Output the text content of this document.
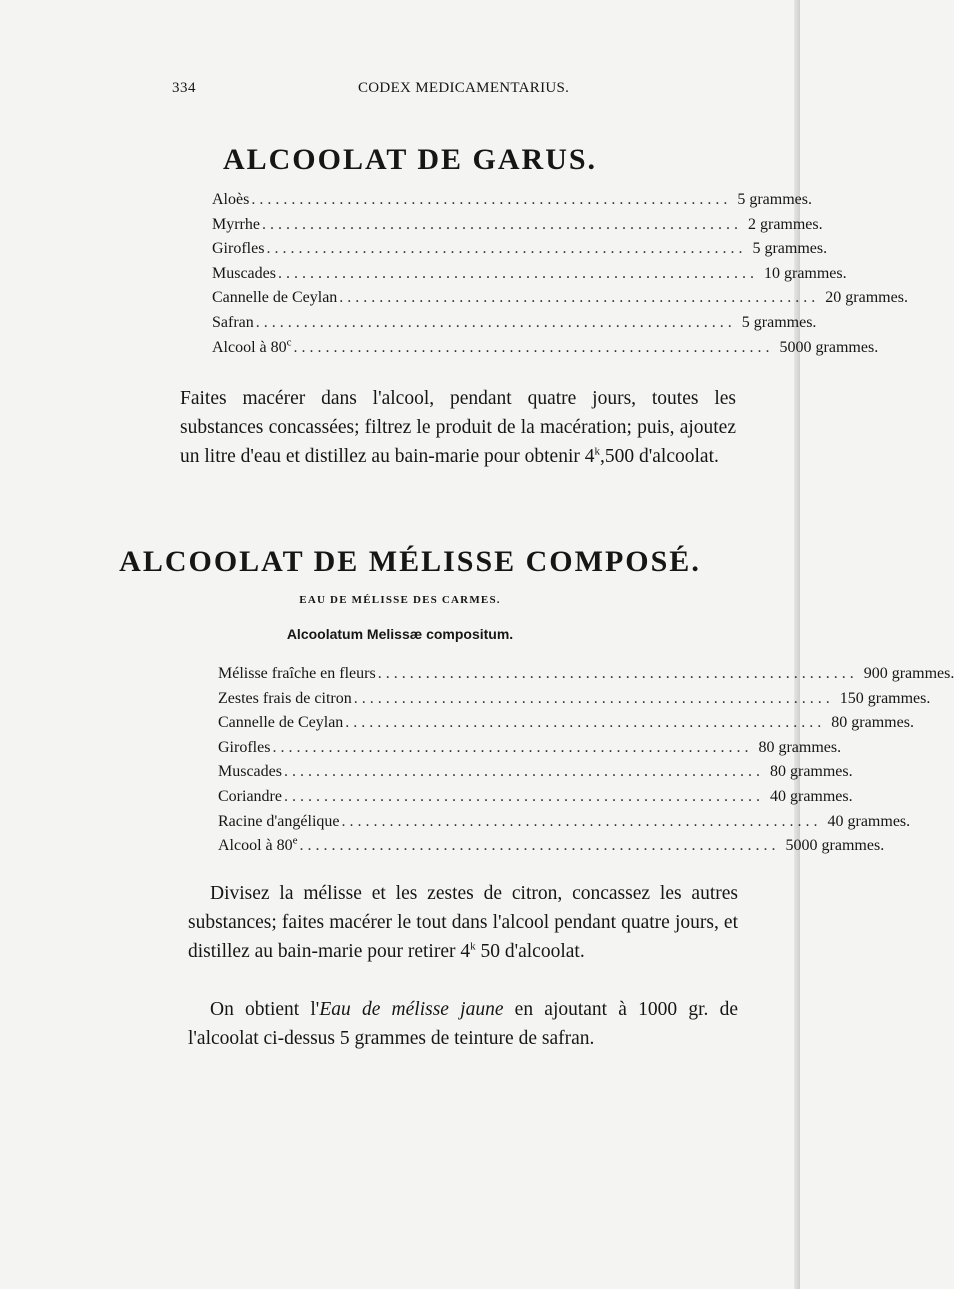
334	CODEX MEDICAMENTARIUS.
ALCOOLAT DE GARUS.
Aloès ............................................................ 5 grammes.
Myrrhe ............................................................ 2 grammes.
Girofles ............................................................ 5 grammes.
Muscades ............................................................ 10 grammes.
Cannelle de Ceylan ............................................................ 20 grammes.
Safran ............................................................ 5 grammes.
Alcool à 80$^c$ ............................................................ 5000 grammes.

Faites macérer dans l'alcool, pendant quatre jours, toutes les substances concassées; filtrez le produit de la macération; puis, ajoutez un litre d'eau et distillez au bain-marie pour obtenir 4$^k$,500 d'alcoolat.

ALCOOLAT DE MÉLISSE COMPOSÉ.
EAU DE MÉLISSE DES CARMES.
Alcoolatum Melissæ compositum.
Mélisse fraîche en fleurs ............................................................ 900 grammes.
Zestes frais de citron ............................................................ 150 grammes.
Cannelle de Ceylan ............................................................ 80 grammes.
Girofles ............................................................ 80 grammes.
Muscades ............................................................ 80 grammes.
Coriandre ............................................................ 40 grammes.
Racine d'angélique ............................................................ 40 grammes.
Alcool à 80e ............................................................ 5000 grammes.

Divisez la mélisse et les zestes de citron, concassez les autres substances; faites macérer le tout dans l'alcool pendant quatre jours, et distillez au bain-marie pour retirer 4$^k$ 50 d'alcoolat.

On obtient l'Eau de mélisse jaune en ajoutant à 1000 gr. de l'alcoolat ci-dessus 5 grammes de teinture de safran.
